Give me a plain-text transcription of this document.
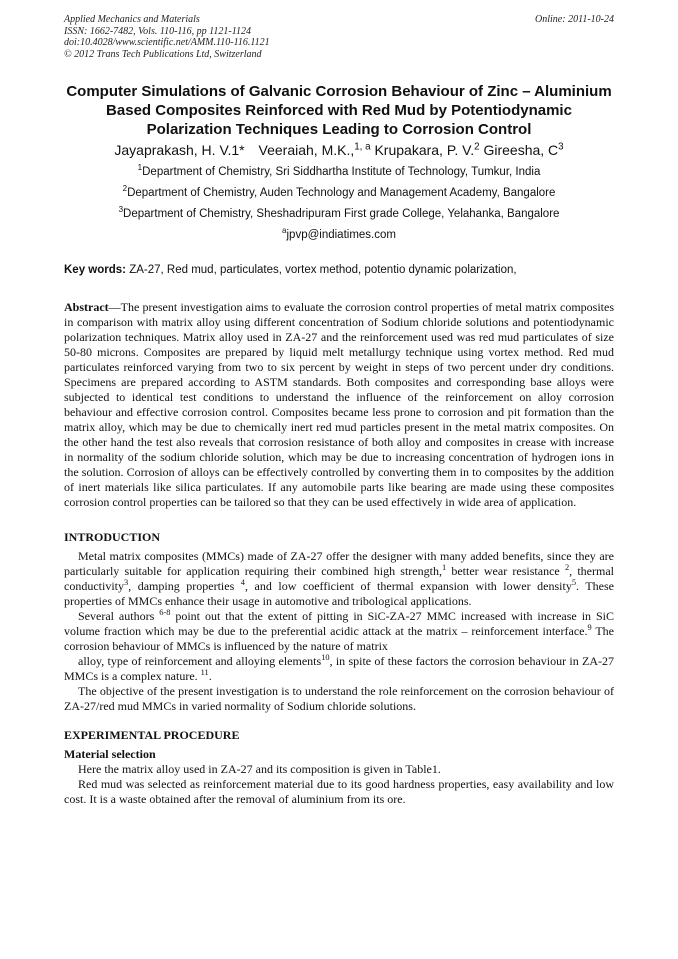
Applied Mechanics and Materials
ISSN: 1662-7482, Vols. 110-116, pp 1121-1124
doi:10.4028/www.scientific.net/AMM.110-116.1121
© 2012 Trans Tech Publications Ltd, Switzerland
Online: 2011-10-24
Computer Simulations of Galvanic Corrosion Behaviour of Zinc – Aluminium Based Composites Reinforced with Red Mud by Potentiodynamic Polarization Techniques Leading to Corrosion Control
Jayaprakash, H. V.1* Veeraiah, M.K.,$^{1, a}$ Krupakara, P. V.$^2$ Gireesha, $C^3$
$^1$Department of Chemistry, Sri Siddhartha Institute of Technology, Tumkur, India
$^2$Department of Chemistry, Auden Technology and Management Academy, Bangalore
$^3$Department of Chemistry, Sheshadripuram First grade College, Yelahanka, Bangalore
$^a$jpvp@indiatimes.com
Key words: ZA-27, Red mud, particulates, vortex method, potentio dynamic polarization,
Abstract—The present investigation aims to evaluate the corrosion control properties of metal matrix composites in comparison with matrix alloy using different concentration of Sodium chloride solutions and potentiodynamic polarization techniques. Matrix alloy used in ZA-27 and the reinforcement used was red mud particulates of size 50-80 microns. Composites are prepared by liquid melt metallurgy technique using vortex method. Red mud particulates reinforced varying from two to six percent by weight in steps of two percent under dry conditions. Specimens are prepared according to ASTM standards. Both composites and corresponding base alloys were subjected to identical test conditions to understand the influence of the reinforcement on alloy corrosion behaviour and effective corrosion control. Composites became less prone to corrosion and pit formation than the matrix alloy, which may be due to chemically inert red mud particles present in the metal matrix composites. On the other hand the test also reveals that corrosion resistance of both alloy and composites in crease with increase in normality of the sodium chloride solution, which may be due to increasing concentration of hydrogen ions in the solution. Corrosion of alloys can be effectively controlled by converting them in to composites by the addition of inert materials like silica particulates. If any automobile parts like bearing are made using these composites corrosion control properties can be tailored so that they can be used effectively in wide area of application.
INTRODUCTION

Metal matrix composites (MMCs) made of ZA-27 offer the designer with many added benefits, since they are particularly suitable for application requiring their combined high strength,$^1$ better wear resistance $^2$, thermal conductivity$^3$, damping properties $^4$, and low coefficient of thermal expansion with lower density$^5$. These properties of MMCs enhance their usage in automotive and tribological applications.

Several authors $^{6-8}$ point out that the extent of pitting in SiC-ZA-27 MMC increased with increase in SiC volume fraction which may be due to the preferential acidic attack at the matrix – reinforcement interface.$^9$ The corrosion behaviour of MMCs is influenced by the nature of matrix

alloy, type of reinforcement and alloying elements$^{10}$, in spite of these factors the corrosion behaviour in ZA-27 MMCs is a complex nature. $^{11}$.

The objective of the present investigation is to understand the role reinforcement on the corrosion behaviour of ZA-27/red mud MMCs in varied normality of Sodium chloride solutions.

EXPERIMENTAL PROCEDURE
Material selection

Here the matrix alloy used in ZA-27 and its composition is given in Table1.

Red mud was selected as reinforcement material due to its good hardness properties, easy availability and low cost. It is a waste obtained after the removal of aluminium from its ore.
